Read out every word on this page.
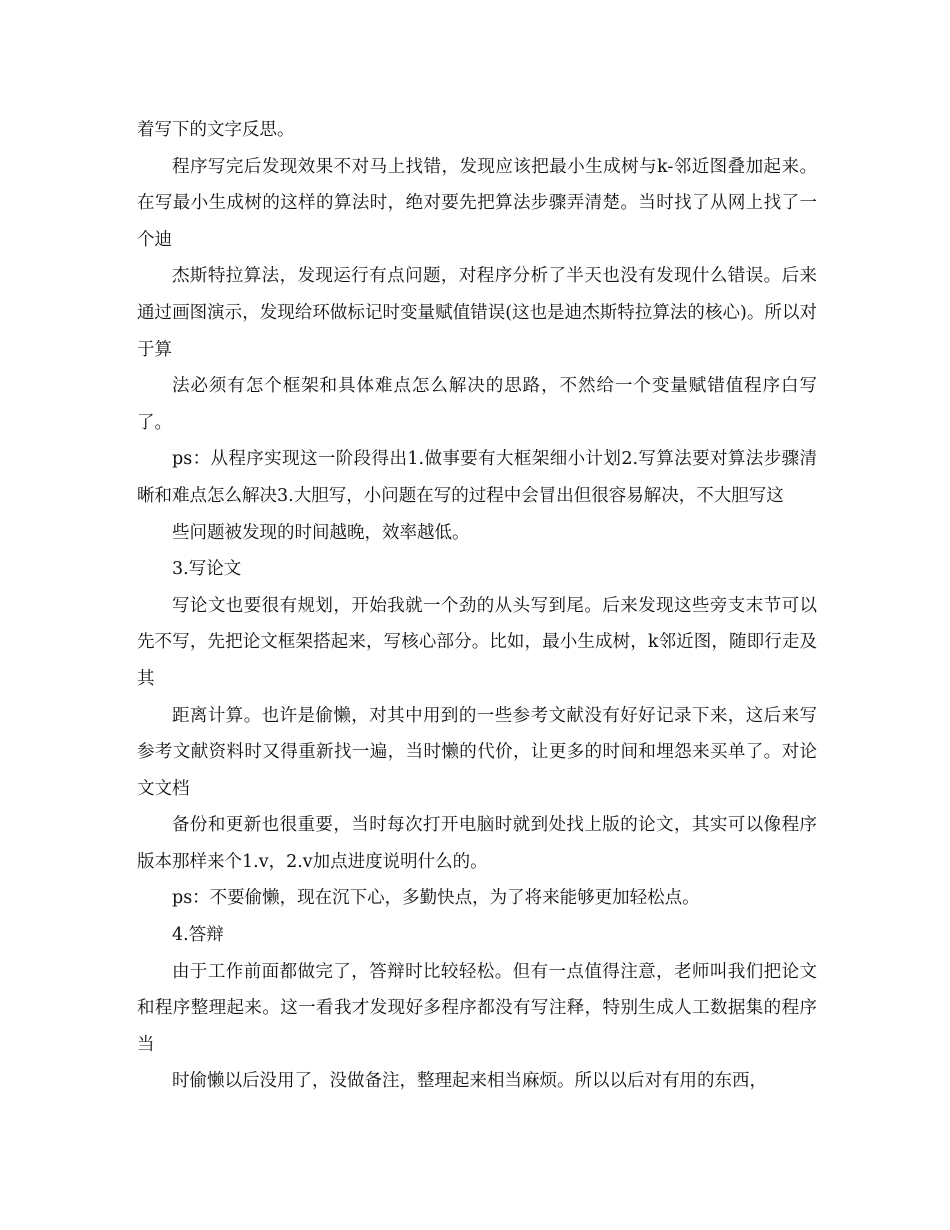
着写下的文字反思。

程序写完后发现效果不对马上找错，发现应该把最小生成树与k-邻近图叠加起来。在写最小生成树的这样的算法时，绝对要先把算法步骤弄清楚。当时找了从网上找了一个迪

杰斯特拉算法，发现运行有点问题，对程序分析了半天也没有发现什么错误。后来通过画图演示，发现给环做标记时变量赋值错误(这也是迪杰斯特拉算法的核心)。所以对于算

法必须有怎个框架和具体难点怎么解决的思路，不然给一个变量赋错值程序白写了。

ps：从程序实现这一阶段得出1.做事要有大框架细小计划2.写算法要对算法步骤清晰和难点怎么解决3.大胆写，小问题在写的过程中会冒出但很容易解决，不大胆写这

些问题被发现的时间越晚，效率越低。

3.写论文

写论文也要很有规划，开始我就一个劲的从头写到尾。后来发现这些旁支末节可以先不写，先把论文框架搭起来，写核心部分。比如，最小生成树，k邻近图，随即行走及其

距离计算。也许是偷懒，对其中用到的一些参考文献没有好好记录下来，这后来写参考文献资料时又得重新找一遍，当时懒的代价，让更多的时间和埋怨来买单了。对论文文档

备份和更新也很重要，当时每次打开电脑时就到处找上版的论文，其实可以像程序版本那样来个1.v，2.v加点进度说明什么的。

ps：不要偷懒，现在沉下心，多勤快点，为了将来能够更加轻松点。

4.答辩

由于工作前面都做完了，答辩时比较轻松。但有一点值得注意，老师叫我们把论文和程序整理起来。这一看我才发现好多程序都没有写注释，特别生成人工数据集的程序当

时偷懒以后没用了，没做备注，整理起来相当麻烦。所以以后对有用的东西，
